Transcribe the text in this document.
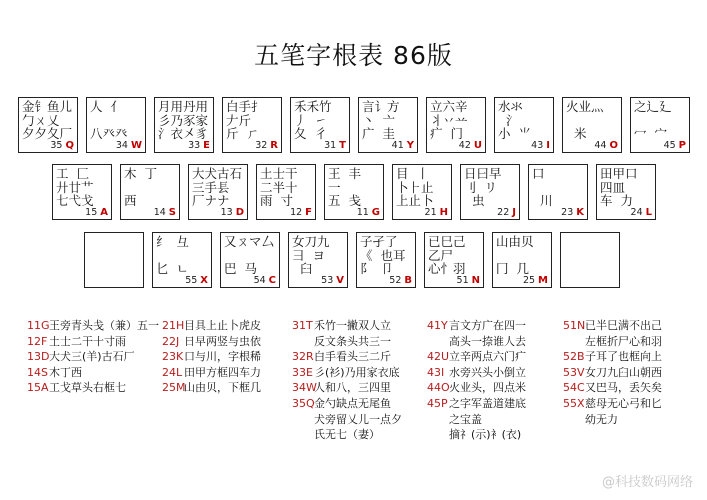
五笔字根表 86版
金钅鱼儿
勹ㄨ乂
夕夕夂厂
35 Q
人  亻

八癶癶
34 W
月用丹用
彡乃豕家
氵衣㐅豸
33 E
白手扌
𠂇斤
斤  ㄏ
32 R
禾禾竹
丿  ㇀
夂  彳
31 T
言讠方
丶  亠
广  圭
41 Y
立六辛
丬丷䒑
疒  门
42 U
水氺
氵
小  ⺌
43 I
火业灬

米
44 O
之辶廴

冖  宀
45 P
工  匚
廾廿艹
七弋戈
15 A
木  丁

西
14 S
大犬古石
三手镸
厂ナナ
13 D
土士干
二半十
雨  寸
12 F
王  丰
一
五  戋
11 G
目  丨
卜⺊止
上止卜
21 H
日曰早
刂  リ
虫
22 J
口

川
23 K
田甲口
四皿
车  力
24 L
纟  彑

匕  ㄴ
55 X
又ㄡマ厶

巴  马
54 C
女刀九
彐  ヨ
臼
53 V
子孑了
《  也耳
阝  卩
52 B
已巳己
乙尸
心忄羽
51 N
山由贝

冂  几
25 M
11G王旁青头戋（兼）五一
12F 土士二干十寸雨
13D大犬三(羊)古石厂
14S木丁西
15A工戈草头右框七
21H目具上止卜虎皮
22J 日早两竖与虫依
23K口与川，字根稀
24L 田甲方框四车力
25M山由贝，下框几
31T禾竹一撇双人立
反文条头共三一
32R白手看头三二斤
33E彡(衫)乃用家衣底
34W人和八，三四里
35Q金勺缺点无尾鱼
犬旁留乂儿一点夕
氏无七（妻）
41Y言文方广在四一
高头一捺谁人去
42U立辛两点六门疒
43I 水旁兴头小倒立
44O火业头，四点米
45P之字军盖道建底
之宝盖
摘礻(示)衤(衣)
51N已半巳满不出己
左框折尸心和羽
52B子耳了也框向上
53V女刀九臼山朝西
54C又巴马，丢矢矣
55X慈母无心弓和匕
幼无力
@科技数码网络
